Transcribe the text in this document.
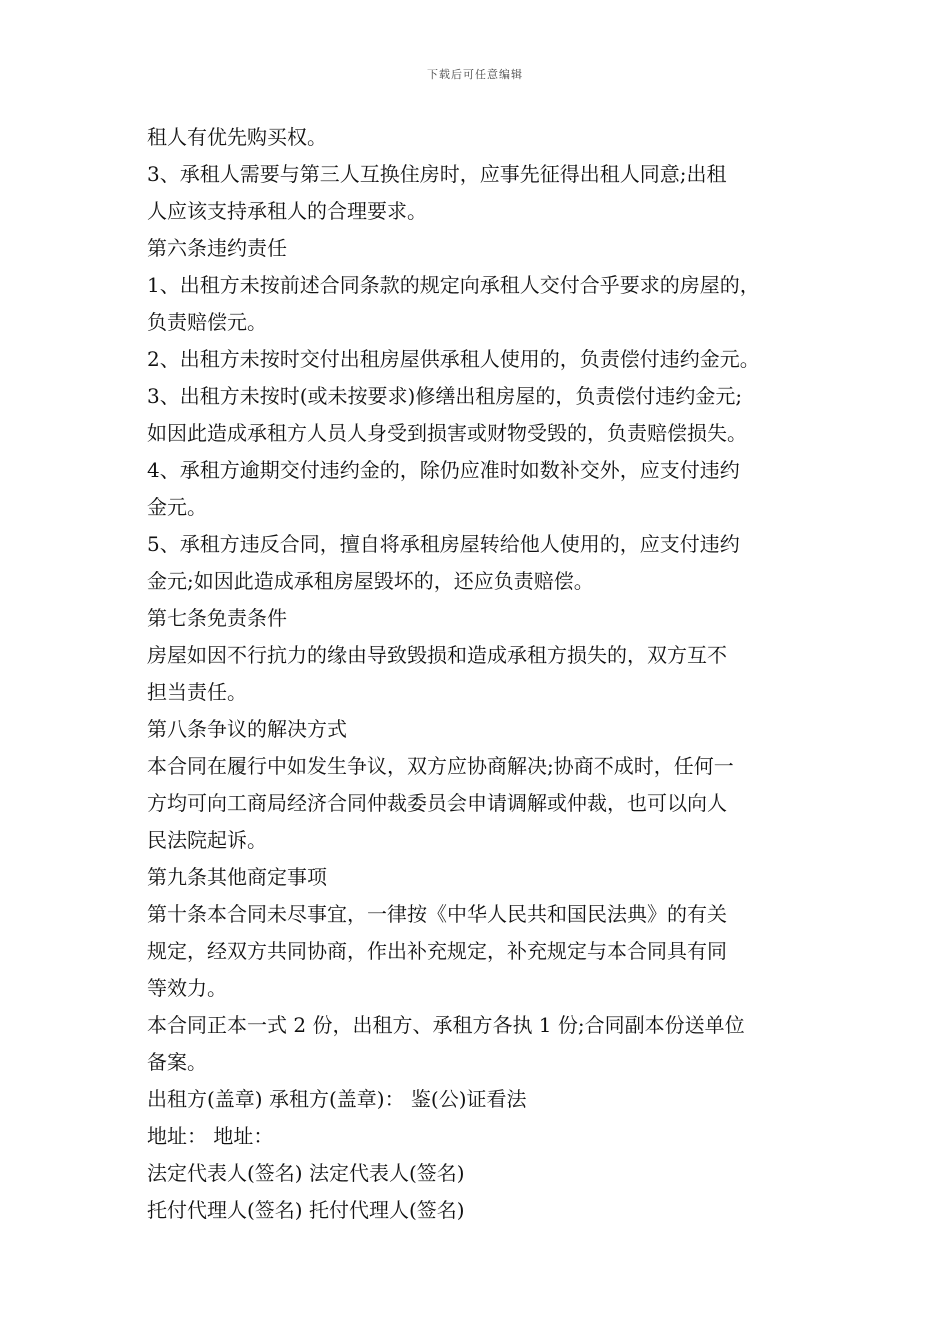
下载后可任意编辑
租人有优先购买权。
3、承租人需要与第三人互换住房时，应事先征得出租人同意;出租
人应该支持承租人的合理要求。
第六条违约责任
1、出租方未按前述合同条款的规定向承租人交付合乎要求的房屋的，
负责赔偿元。
2、出租方未按时交付出租房屋供承租人使用的，负责偿付违约金元。
3、出租方未按时(或未按要求)修缮出租房屋的，负责偿付违约金元;
如因此造成承租方人员人身受到损害或财物受毁的，负责赔偿损失。
4、承租方逾期交付违约金的，除仍应准时如数补交外，应支付违约
金元。
5、承租方违反合同，擅自将承租房屋转给他人使用的，应支付违约
金元;如因此造成承租房屋毁坏的，还应负责赔偿。
第七条免责条件
房屋如因不行抗力的缘由导致毁损和造成承租方损失的，双方互不
担当责任。
第八条争议的解决方式
本合同在履行中如发生争议，双方应协商解决;协商不成时，任何一
方均可向工商局经济合同仲裁委员会申请调解或仲裁，也可以向人
民法院起诉。
第九条其他商定事项
第十条本合同未尽事宜，一律按《中华人民共和国民法典》的有关
规定，经双方共同协商，作出补充规定，补充规定与本合同具有同
等效力。
本合同正本一式 2 份，出租方、承租方各执 1 份;合同副本份送单位
备案。
出租方(盖章) 承租方(盖章)： 鉴(公)证看法
地址： 地址：
法定代表人(签名) 法定代表人(签名)
托付代理人(签名) 托付代理人(签名)
